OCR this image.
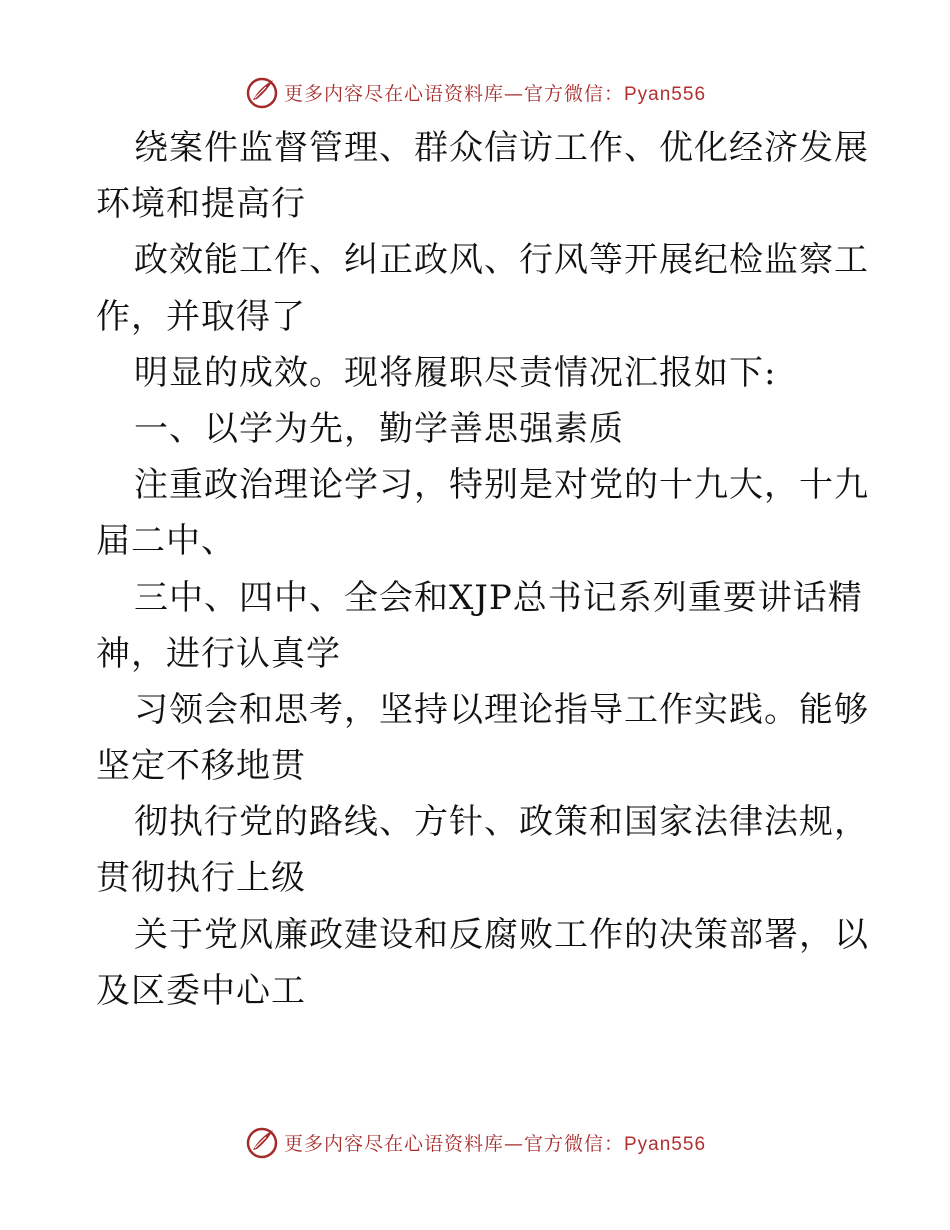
更多内容尽在心语资料库—官方微信：Pyan556
绕案件监督管理、群众信访工作、优化经济发展
环境和提高行
政效能工作、纠正政风、行风等开展纪检监察工
作，并取得了
明显的成效。现将履职尽责情况汇报如下:
一、以学为先，勤学善思强素质
注重政治理论学习，特别是对党的十九大，十九
届二中、
三中、四中、全会和XJP总书记系列重要讲话精
神，进行认真学
习领会和思考，坚持以理论指导工作实践。能够
坚定不移地贯
彻执行党的路线、方针、政策和国家法律法规，
贯彻执行上级
关于党风廉政建设和反腐败工作的决策部署，以
及区委中心工
更多内容尽在心语资料库—官方微信：Pyan556
